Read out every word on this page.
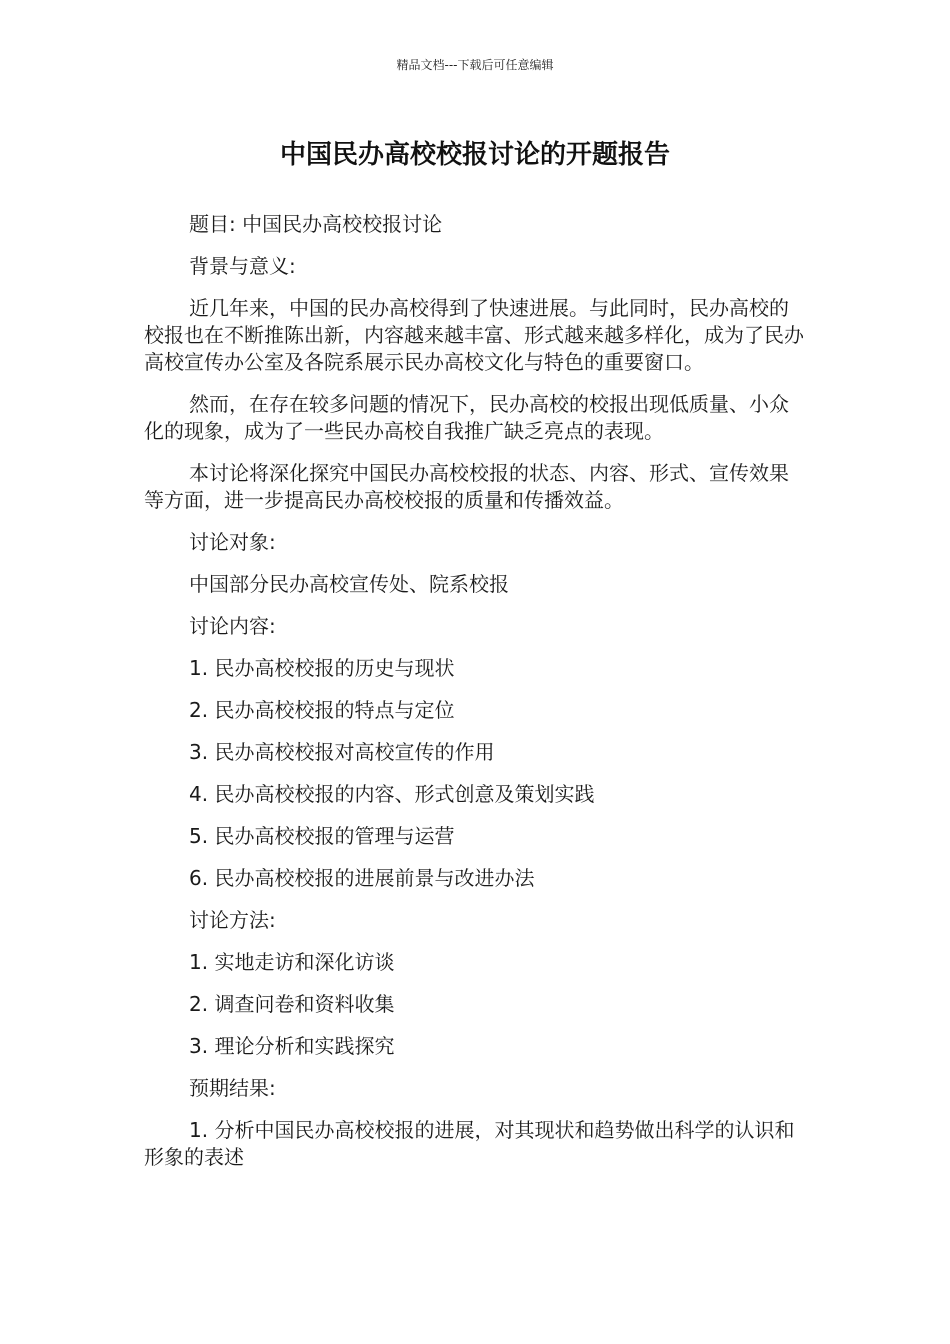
精品文档---下载后可任意编辑
中国民办高校校报讨论的开题报告

题目: 中国民办高校校报讨论

背景与意义:

近几年来，中国的民办高校得到了快速进展。与此同时，民办高校的校报也在不断推陈出新，内容越来越丰富、形式越来越多样化，成为了民办高校宣传办公室及各院系展示民办高校文化与特色的重要窗口。

然而，在存在较多问题的情况下，民办高校的校报出现低质量、小众化的现象，成为了一些民办高校自我推广缺乏亮点的表现。

本讨论将深化探究中国民办高校校报的状态、内容、形式、宣传效果等方面，进一步提高民办高校校报的质量和传播效益。

讨论对象:

中国部分民办高校宣传处、院系校报

讨论内容:

1. 民办高校校报的历史与现状

2. 民办高校校报的特点与定位

3. 民办高校校报对高校宣传的作用

4. 民办高校校报的内容、形式创意及策划实践

5. 民办高校校报的管理与运营

6. 民办高校校报的进展前景与改进办法

讨论方法:

1. 实地走访和深化访谈

2. 调查问卷和资料收集

3. 理论分析和实践探究

预期结果:

1. 分析中国民办高校校报的进展，对其现状和趋势做出科学的认识和形象的表述
